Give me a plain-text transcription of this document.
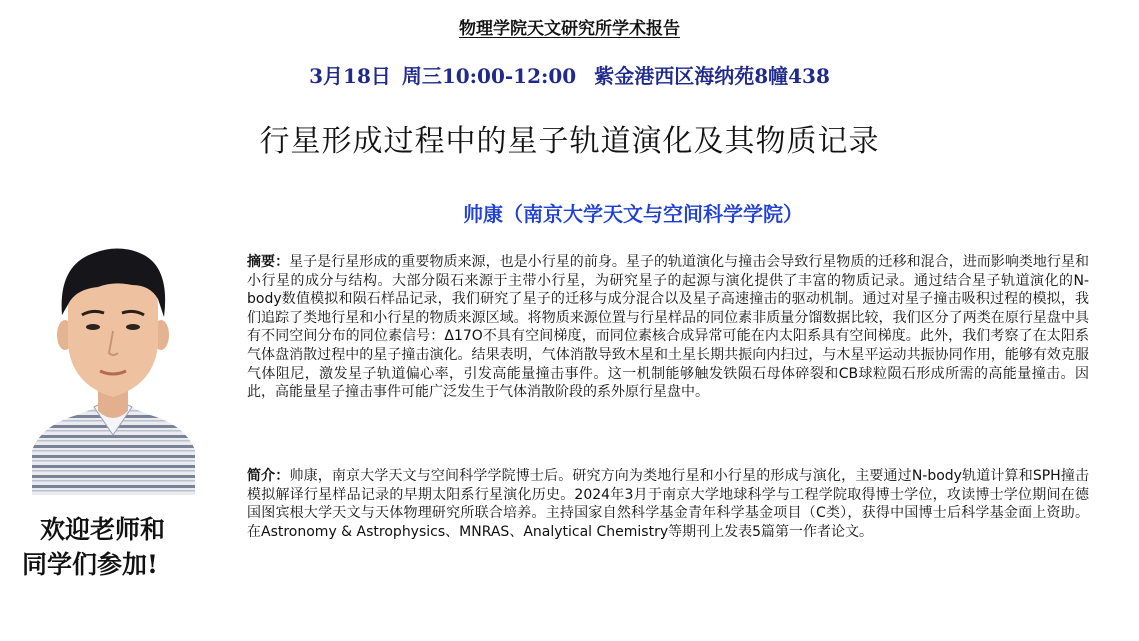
物理学院天文研究所学术报告
3月18日 周三10:00-12:00 紫金港西区海纳苑8幢438
行星形成过程中的星子轨道演化及其物质记录
帅康（南京大学天文与空间科学学院）
欢迎老师和
同学们参加!
摘要：星子是行星形成的重要物质来源，也是小行星的前身。星子的轨道演化与撞击会导致行星物质的迁移和混合，进而影响类地行星和小行星的成分与结构。大部分陨石来源于主带小行星，为研究星子的起源与演化提供了丰富的物质记录。通过结合星子轨道演化的N-body数值模拟和陨石样品记录，我们研究了星子的迁移与成分混合以及星子高速撞击的驱动机制。通过对星子撞击吸积过程的模拟，我们追踪了类地行星和小行星的物质来源区域。将物质来源位置与行星样品的同位素非质量分馏数据比较，我们区分了两类在原行星盘中具有不同空间分布的同位素信号：Δ17O不具有空间梯度，而同位素核合成异常可能在内太阳系具有空间梯度。此外，我们考察了在太阳系气体盘消散过程中的星子撞击演化。结果表明，气体消散导致木星和土星长期共振向内扫过，与木星平运动共振协同作用，能够有效克服气体阻尼，激发星子轨道偏心率，引发高能量撞击事件。这一机制能够触发铁陨石母体碎裂和CB球粒陨石形成所需的高能量撞击。因此，高能量星子撞击事件可能广泛发生于气体消散阶段的系外原行星盘中。
简介：帅康，南京大学天文与空间科学学院博士后。研究方向为类地行星和小行星的形成与演化，主要通过N-body轨道计算和SPH撞击模拟解译行星样品记录的早期太阳系行星演化历史。2024年3月于南京大学地球科学与工程学院取得博士学位，攻读博士学位期间在德国图宾根大学天文与天体物理研究所联合培养。主持国家自然科学基金青年科学基金项目（C类），获得中国博士后科学基金面上资助。在Astronomy & Astrophysics、MNRAS、Analytical Chemistry等期刊上发表5篇第一作者论文。
